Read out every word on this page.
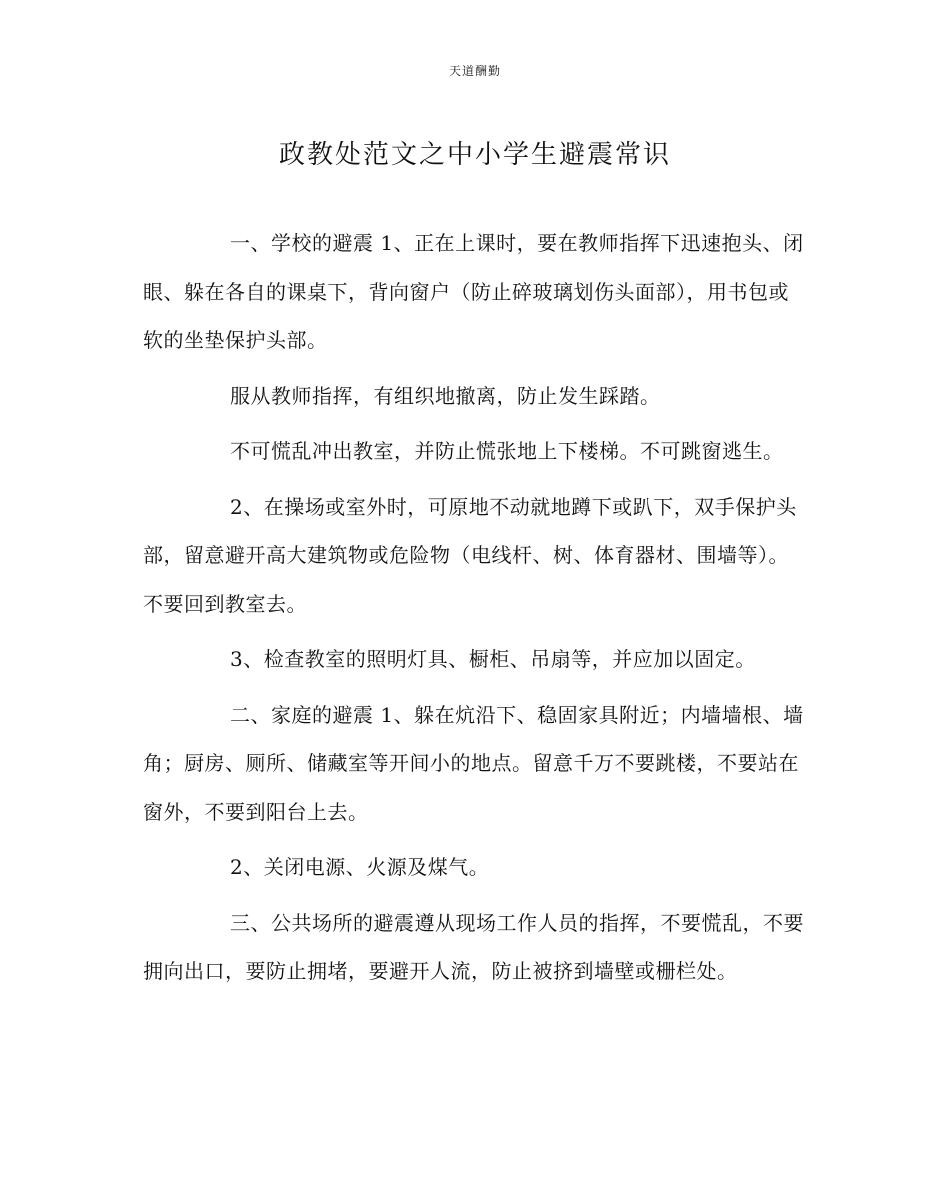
天道酬勤
政教处范文之中小学生避震常识

一、学校的避震 1、正在上课时，要在教师指挥下迅速抱头、闭眼、躲在各自的课桌下，背向窗户（防止碎玻璃划伤头面部），用书包或软的坐垫保护头部。

服从教师指挥，有组织地撤离，防止发生踩踏。

不可慌乱冲出教室，并防止慌张地上下楼梯。不可跳窗逃生。

2、在操场或室外时，可原地不动就地蹲下或趴下，双手保护头部，留意避开高大建筑物或危险物（电线杆、树、体育器材、围墙等）。不要回到教室去。

3、检查教室的照明灯具、橱柜、吊扇等，并应加以固定。

二、家庭的避震 1、躲在炕沿下、稳固家具附近；内墙墙根、墙角；厨房、厕所、储藏室等开间小的地点。留意千万不要跳楼，不要站在窗外，不要到阳台上去。

2、关闭电源、火源及煤气。

三、公共场所的避震遵从现场工作人员的指挥，不要慌乱，不要拥向出口，要防止拥堵，要避开人流，防止被挤到墙壁或栅栏处。
